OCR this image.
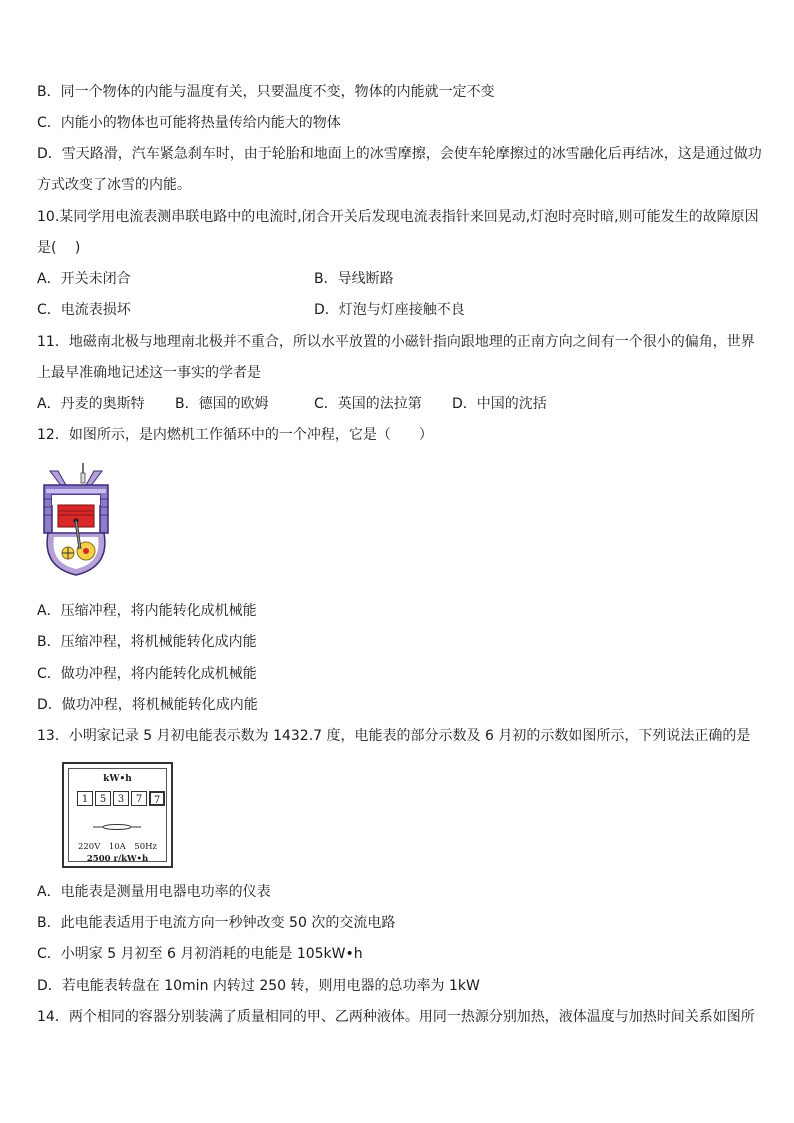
B．同一个物体的内能与温度有关，只要温度不变，物体的内能就一定不变
C．内能小的物体也可能将热量传给内能大的物体
D．雪天路滑，汽车紧急刹车时，由于轮胎和地面上的冰雪摩擦，会使车轮摩擦过的冰雪融化后再结冰，这是通过做功
方式改变了冰雪的内能。
10.某同学用电流表测串联电路中的电流时,闭合开关后发现电流表指针来回晃动,灯泡时亮时暗,则可能发生的故障原因
是(　 )
A．开关未闭合	B．导线断路
C．电流表损坏	D．灯泡与灯座接触不良
11．地磁南北极与地理南北极并不重合，所以水平放置的小磁针指向跟地理的正南方向之间有一个很小的偏角，世界
上最早准确地记述这一事实的学者是
A．丹麦的奥斯特 B．德国的欧姆	C．英国的法拉第 D．中国的沈括
12．如图所示，是内燃机工作循环中的一个冲程，它是（　　）
A．压缩冲程，将内能转化成机械能
B．压缩冲程，将机械能转化成内能
C．做功冲程，将内能转化成机械能
D．做功冲程，将机械能转化成内能
13．小明家记录 5 月初电能表示数为 1432.7 度，电能表的部分示数及 6 月初的示数如图所示，下列说法正确的是
kW•h
1	5	3	7	7
220V　10A　50Hz
2500 r/kW•h
A．电能表是测量用电器电功率的仪表
B．此电能表适用于电流方向一秒钟改变 50 次的交流电路
C．小明家 5 月初至 6 月初消耗的电能是 105kW•h
D．若电能表转盘在 10min 内转过 250 转，则用电器的总功率为 1kW
14．两个相同的容器分别装满了质量相同的甲、乙两种液体。用同一热源分别加热，液体温度与加热时间关系如图所
